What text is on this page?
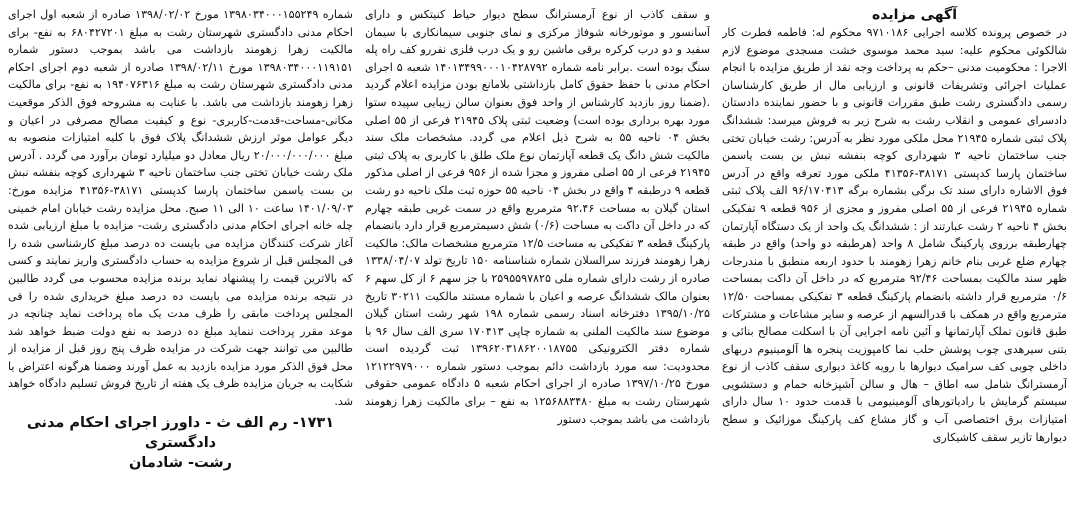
آگهی مزایده

در خصوص پرونده کلاسه اجرایی ۹۷۱۰۱۸۶ محکوم له: فاطمه فطرت کار شالکوئی محکوم علیه: سید محمد موسوی خشت مسجدی موضوع لازم الاجرا : محکومیت مدنی –حکم به پرداخت وجه نقد از طریق مزایده با انجام عملیات اجرائی وتشریفات قانونی و ارزیابی مال از طریق کارشناسان رسمی دادگستری رشت طبق مقررات قانونی و با حضور نماینده دادستان دادسرای عمومی و انقلاب رشت به شرح زیر به فروش میرسد: ششدانگ پلاک ثبتی شماره ۲۱۹۴۵ محل ملکی مورد نظر به آدرس: رشت خیابان تختی جنب ساختمان ناحیه ۳ شهرداری کوچه بنفشه نبش بن بست یاسمن ساختمان پارسا کدپستی ۳۸۱۷۱-۴۱۳۵۶ ملکی مورد تعرفه واقع در آدرس فوق الاشاره دارای سند تک برگی بشماره برگه ۹۶/۱۷۰۴۱۳ الف پلاک ثبتی شماره ۲۱۹۴۵ فرعی از ۵۵ اصلی مفروز و مجزی از ۹۵۶ قطعه ۹ تفکیکی بخش ۴ ناحیه ۲ رشت عبارتند از : ششدانگ یک واحد از یک دستگاه آپارتمان چهارطبقه برروی پارکینگ شامل ۸ واحد (هرطبقه دو واحد) واقع در طبقه چهارم ضلع غربی بنام خانم زهرا زهومند با حدود اربعه منطبق با مندرجات ظهر سند مالکیت بمساحت ۹۲/۴۶ مترمربع که در داخل آن داکت بمساحت ۰/۶ مترمربع قرار داشته بانضمام پارکینگ قطعه ۳ تفکیکی بمساحت ۱۲/۵۰ مترمربع واقع در همکف با قدرالسهم از عرصه و سایر مشاعات و مشترکات طبق قانون تملک آپارتمانها و آئین نامه اجرایی آن با اسکلت مصالح بنائی و بتنی سیرهدی چوب پوشش حلب نما کامپوزیت پنجره ها آلومینیوم دربهای داخلی چوبی کف سرامیک دیوارها با رویه کاغذ دیواری سقف کاذب از نوع آرمسترانگ شامل سه اطاق – هال و سالن آشپزخانه حمام و دستشویی سیستم گرمایش با رادیاتورهای آلومینیومی با قدمت حدود ۱۰ سال دارای امتیازات برق اختصاصی آب و گاز مشاع کف پارکینگ موزائیک و سطح دیوارها تازیر سقف کاشیکاری

و سقف کاذب از نوع آرمسترانگ سطح دیوار حیاط کنیتکس و دارای آسانسور و موتورخانه شوفاژ مرکزی و نمای جنوبی سیمانکاری با سیمان سفید و دو درب کرکره برقی ماشین رو و یک درب فلزی نفررو کف راه پله سنگ بوده است .برابر نامه شماره ۱۴۰۱۳۴۹۹۰۰۰۱۰۴۲۸۷۹۲ شعبه ۵ اجرای احکام مدنی با حفظ حقوق کامل بازداشتی بلامانع بودن مزایده اعلام گردید .(ضمنا روز بازدید کارشناس از واحد فوق بعنوان سالن زیبایی سپیده ستوا مورد بهره برداری بوده است) وضعیت ثبتی پلاک ۲۱۹۴۵ فرعی از ۵۵ اصلی بخش ۰۴ ناحیه ۵۵ به شرح ذیل اعلام می گردد. مشخصات ملک سند مالکیت شش دانگ یک قطعه آپارتمان نوع ملک طلق با کاربری به پلاک ثبتی ۲۱۹۴۵ فرعی از ۵۵ اصلی مفروز و مجزا شده از ۹۵۶ فرعی از اصلی مذکور قطعه ۹ درطبقه ۴ واقع در بخش ۰۴ ناحیه ۵۵ حوزه ثبت ملک ناحیه دو رشت استان گیلان به مساحت ۹۲،۴۶ مترمربع واقع در سمت غربی طبقه چهارم که در داخل آن داکت به مساحت (۰/۶) شش دسیمترمربع قرار دارد بانضمام پارکینگ قطعه ۳ تفکیکی به مساحت ۱۲/۵ مترمربع مشخصات مالک: مالکیت زهرا زهومند فرزند سرالسلان شماره شناسنامه ۱۵۰ تاریخ تولد ۱۳۳۸/۰۴/۰۷ صادره از رشت دارای شماره ملی ۲۵۹۵۵۹۷۸۲۵ با جز سهم ۶ از کل سهم ۶ بعنوان مالک ششدانگ عرصه و اعیان با شماره مستند مالکیت ۳۰۲۱۱ تاریخ ۱۳۹۵/۱۰/۲۵ دفترخانه اسناد رسمی شماره ۱۹۸ شهر رشت استان گیلان موضوع سند مالکیت الملنی به شماره چاپی ۱۷۰۴۱۳ سری الف سال ۹۶ با شماره دفتر الکترونیکی ۱۳۹۶۲۰۳۱۸۶۲۰۰۱۸۷۵۵ ثبت گردیده است محدودیت: سه مورد بازداشت دائم بموجب دستور شماره ۱۲۱۲۲۹۷۹۰۰۰ مورخ ۱۳۹۷/۱۰/۲۵ صادره از اجرای احکام شعبه ۵ دادگاه عمومی حقوقی شهرستان رشت به مبلغ ۱۲۵۶۸۸۳۴۸۰ به نفع – برای مالکیت زهرا زهومند بازداشت می باشد بموجب دستور

شماره ۱۳۹۸۰۳۴۰۰۰۱۵۵۲۴۹ مورخ ۱۳۹۸/۰۲/۰۲ صادره از شعبه اول اجرای احکام مدنی دادگستری شهرستان رشت به مبلغ ۶۸۰۴۲۷۲۰۱ به نفع- برای مالکیت زهرا زهومند بازداشت می باشد بموجب دستور شماره ۱۳۹۸۰۳۴۰۰۰۱۱۹۱۵۱ مورخ ۱۳۹۸/۰۲/۱۱ صادره از شعبه دوم اجرای احکام مدنی دادگستری شهرستان رشت به مبلغ ۱۹۴۰۷۶۳۱۶ به نفع- برای مالکیت زهرا زهومند بازداشت می باشد. با عنایت به مشروحه فوق الذکر موقعیت مکانی-مساحت-قدمت-کاربری- نوع و کیفیت مصالح مصرفی در اعیان و دیگر عوامل موثر ارزش ششدانگ پلاک فوق با کلیه امتیازات منصوبه به مبلغ ۲۰/۰۰۰/۰۰۰/۰۰۰ ریال معادل دو میلیارد تومان برآورد می گردد . آدرس ملک رشت خیابان تختی جنب ساختمان ناحیه ۳ شهرداری کوچه بنفشه نبش بن بست یاسمن ساختمان پارسا کدپستی ۳۸۱۷۱-۴۱۳۵۶ مزایده مورخ: ۱۴۰۱/۰۹/۰۳ ساعت ۱۰ الی ۱۱ صبح. محل مزایده رشت خیابان امام خمینی چله خانه اجرای احکام مدنی دادگستری رشت- مزایده با مبلغ ارزیابی شده آغاز شرکت کنندگان مزایده می بایست ده درصد مبلغ کارشناسی شده را فی المجلس قبل از شروع مزایده به حساب دادگستری واریز نمایند و کسی که بالاترین قیمت را پیشنهاد نماید برنده مزایده محسوب می گردد طالبین در نتیجه برنده مزایده می بایست ده درصد مبلغ خریداری شده را فی المجلس پرداخت مابقی را ظرف مدت یک ماه پرداخت نماید چنانچه در موعد مقرر پرداخت ننماید مبلغ ده درصد به نفع دولت ضبط خواهد شد طالبین می توانند جهت شرکت در مزایده ظرف پنج روز قبل از مزایده از محل فوق الذکر مورد مزایده بازدید به عمل آورند وضمنا هرگونه اعتراض یا شکایت به جریان مزایده ظرف یک هفته از تاریخ فروش تسلیم دادگاه خواهد شد.

۱۷۳۱- رم الف ث - داورز اجرای احکام مدنی دادگستری
رشت- شادمان
